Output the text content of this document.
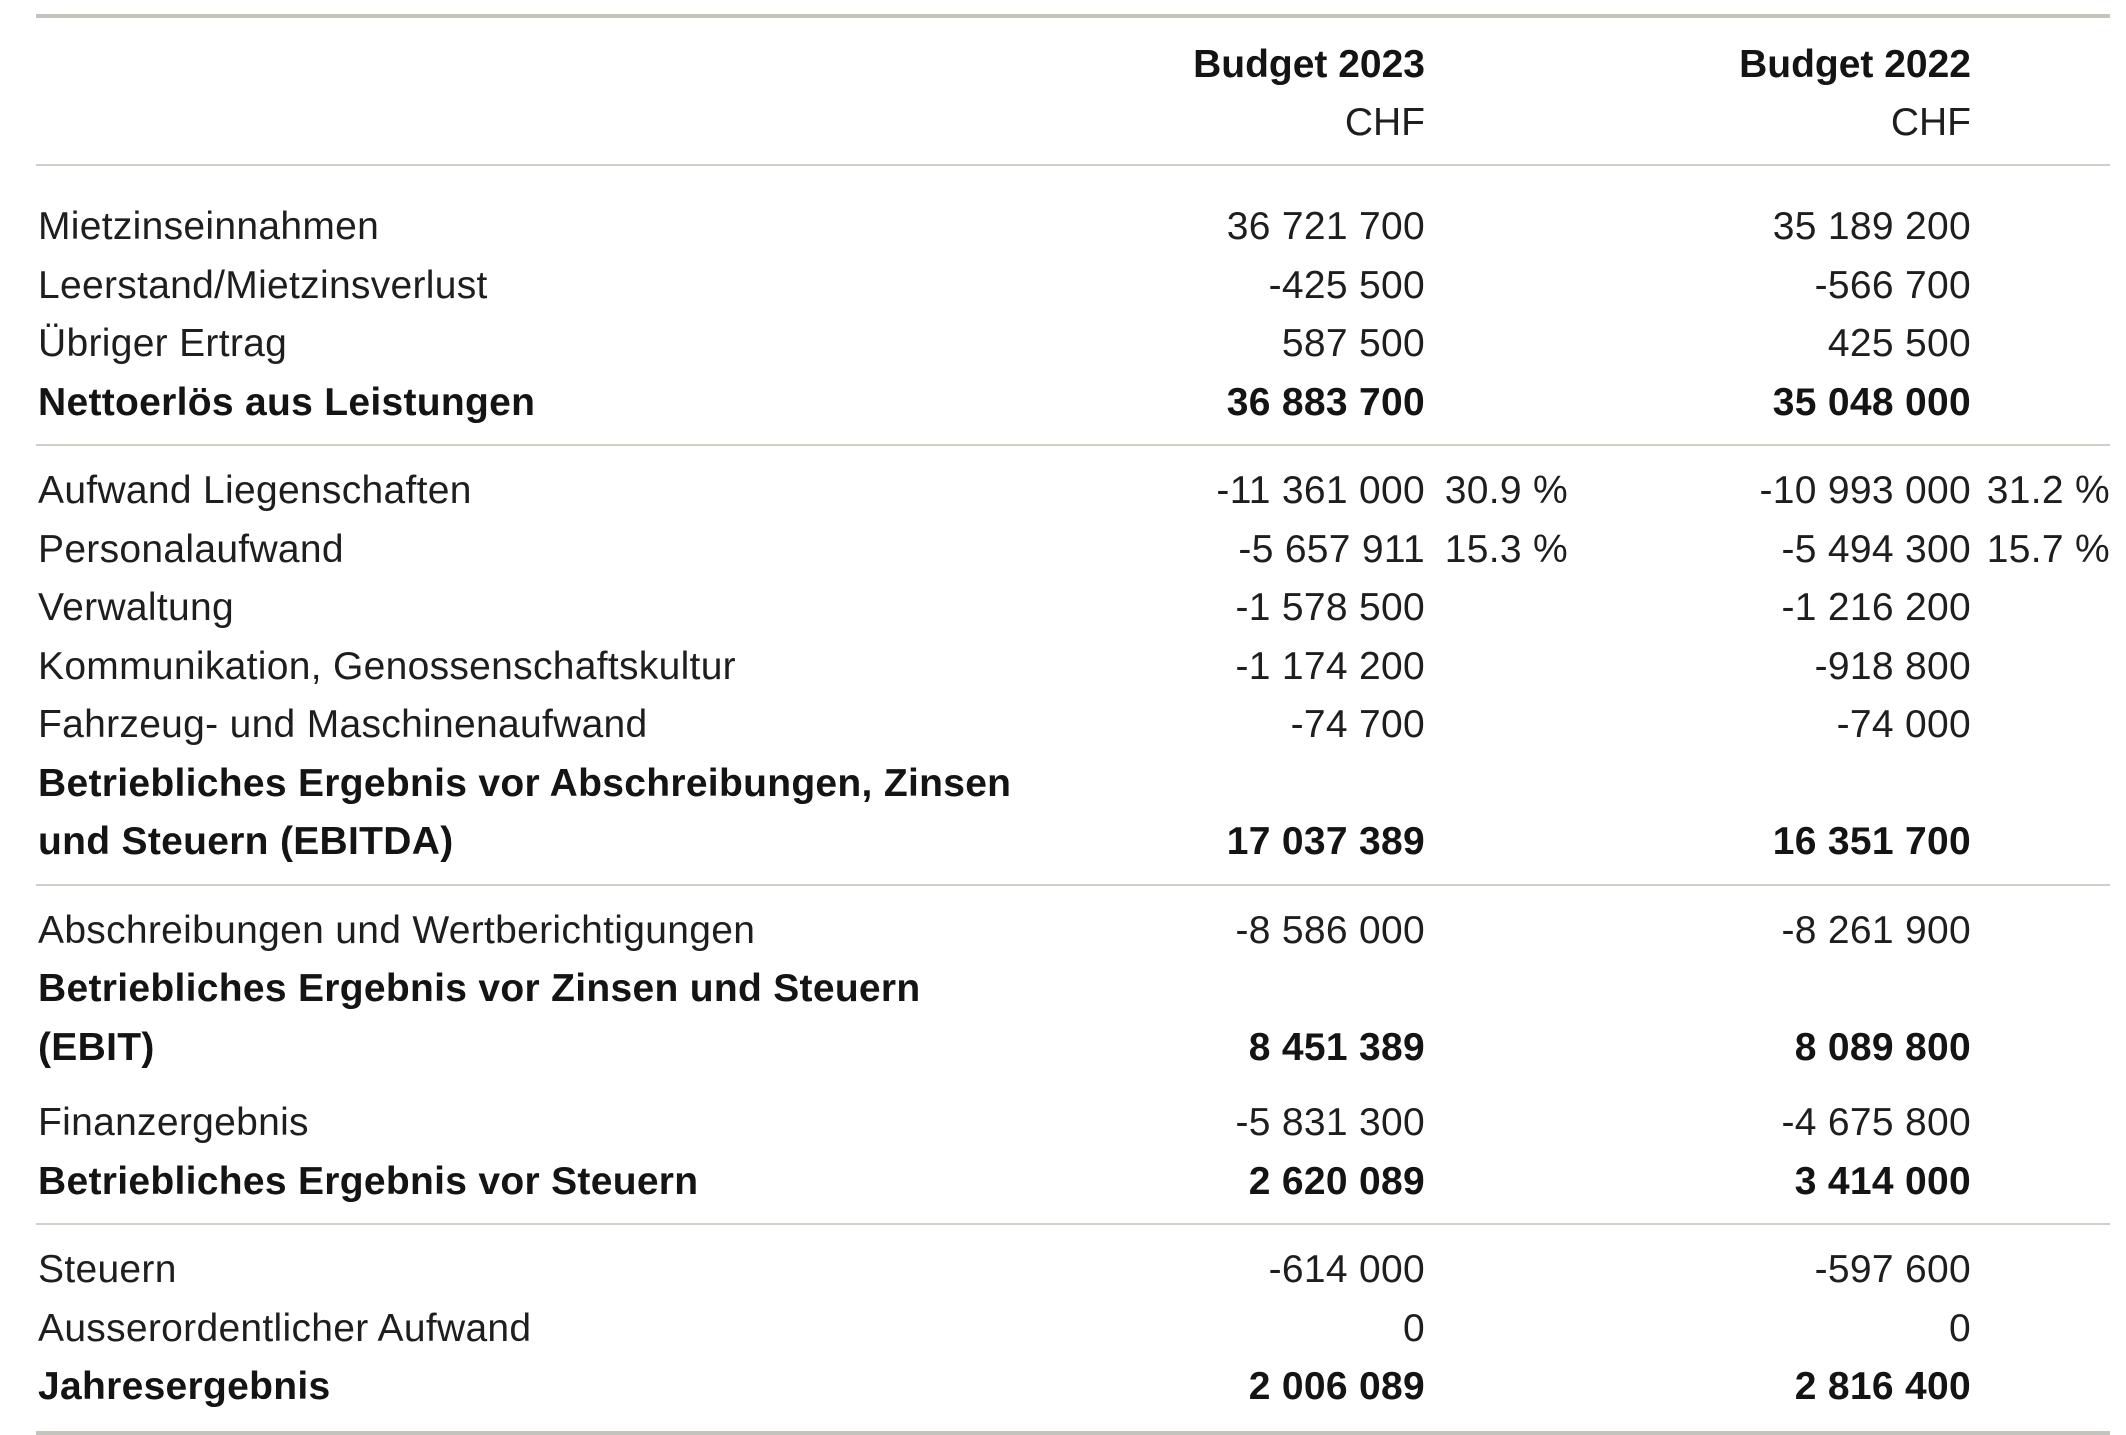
Budget 2023	Budget 2022
CHF	CHF
Mietzinseinnahmen	36 721 700	35 189 200
Leerstand/Mietzinsverlust	-425 500	-566 700
Übriger Ertrag	587 500	425 500
Nettoerlös aus Leistungen	36 883 700	35 048 000
Aufwand Liegenschaften	-11 361 000 30.9 %	-10 993 000 31.2 %
Personalaufwand	-5 657 911 15.3 %	-5 494 300 15.7 %
Verwaltung	-1 578 500	-1 216 200
Kommunikation, Genossenschaftskultur	-1 174 200	-918 800
Fahrzeug- und Maschinenaufwand	-74 700	-74 000
Betriebliches Ergebnis vor Abschreibungen, Zinsen
und Steuern (EBITDA)	17 037 389	16 351 700
Abschreibungen und Wertberichtigungen	-8 586 000	-8 261 900
Betriebliches Ergebnis vor Zinsen und Steuern
(EBIT)	8 451 389	8 089 800
Finanzergebnis	-5 831 300	-4 675 800
Betriebliches Ergebnis vor Steuern	2 620 089	3 414 000
Steuern	-614 000	-597 600
Ausserordentlicher Aufwand	0	0
Jahresergebnis	2 006 089	2 816 400
